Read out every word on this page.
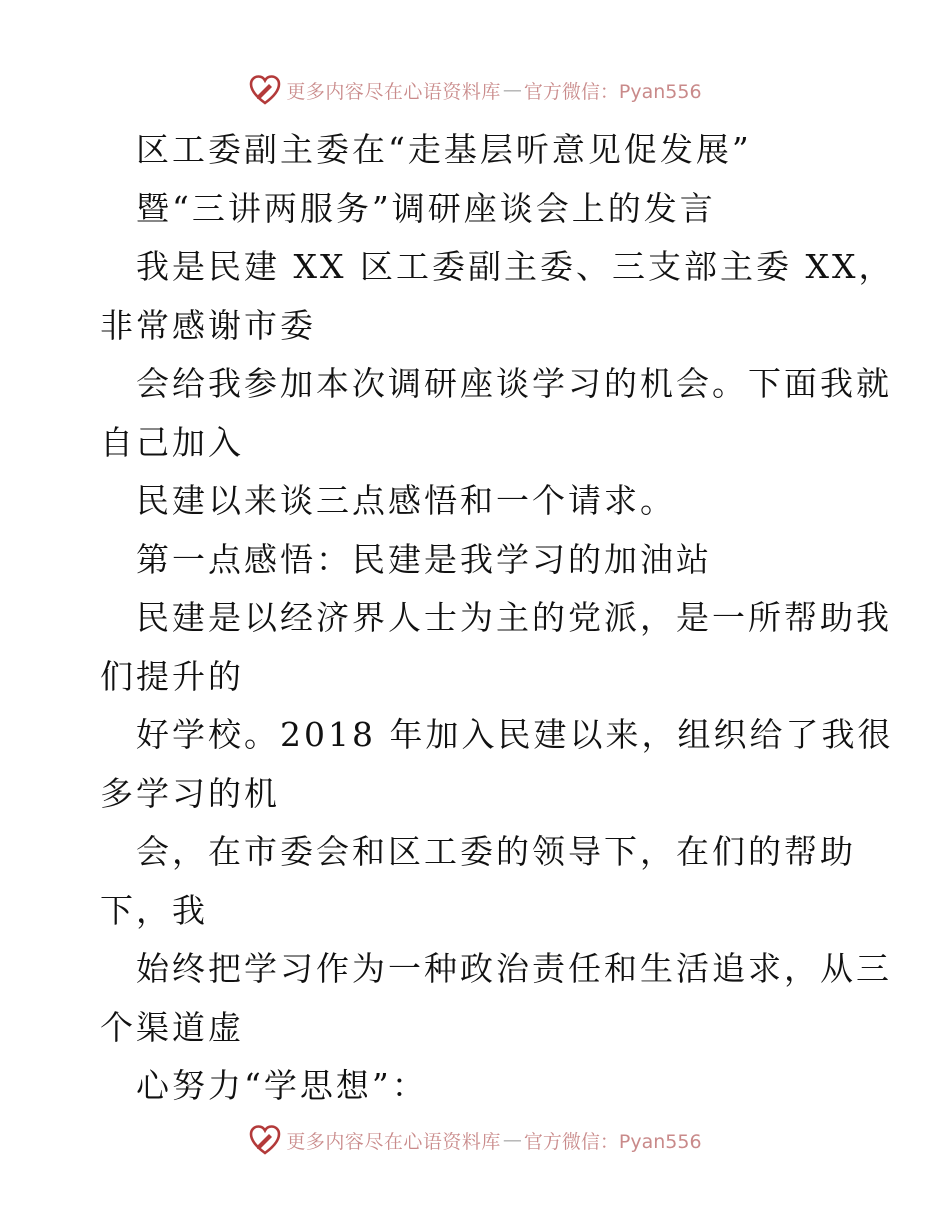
更多内容尽在心语资料库 — 官方微信：Pyan556
区工委副主委在“走基层听意见促发展”
暨“三讲两服务”调研座谈会上的发言
我是民建 XX 区工委副主委、三支部主委 XX，
非常感谢市委
会给我参加本次调研座谈学习的机会。下面我就
自己加入
民建以来谈三点感悟和一个请求。
第一点感悟：民建是我学习的加油站
民建是以经济界人士为主的党派，是一所帮助我
们提升的
好学校。2018 年加入民建以来，组织给了我很
多学习的机
会，在市委会和区工委的领导下，在们的帮助
下，我
始终把学习作为一种政治责任和生活追求，从三
个渠道虚
心努力“学思想”：
更多内容尽在心语资料库 — 官方微信：Pyan556
